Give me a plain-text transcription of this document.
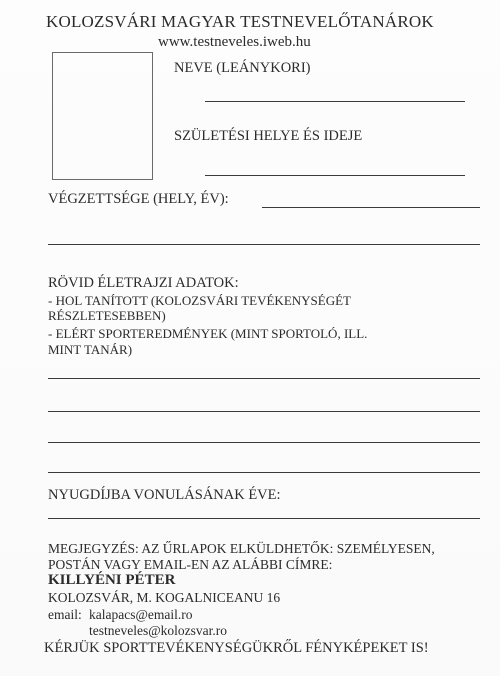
KOLOZSVÁRI MAGYAR TESTNEVELŐTANÁROK
www.testneveles.iweb.hu
NEVE (LEÁNYKORI)
SZÜLETÉSI HELYE ÉS IDEJE
VÉGZETTSÉGE (HELY, ÉV):
RÖVID ÉLETRAJZI ADATOK:
- HOL TANÍTOTT (KOLOZSVÁRI TEVÉKENYSÉGÉT
RÉSZLETESEBBEN)
- ELÉRT SPORTEREDMÉNYEK (MINT SPORTOLÓ, ILL.
MINT TANÁR)
NYUGDÍJBA VONULÁSÁNAK ÉVE:
MEGJEGYZÉS: AZ ŰRLAPOK ELKÜLDHETŐK: SZEMÉLYESEN,
POSTÁN VAGY EMAIL-EN AZ ALÁBBI CÍMRE:
KILLYÉNI PÉTER
KOLOZSVÁR, M. KOGALNICEANU 16
email: kalapacs@email.ro
testneveles@kolozsvar.ro
KÉRJÜK SPORTTEVÉKENYSÉGÜKRŐL FÉNYKÉPEKET IS!
